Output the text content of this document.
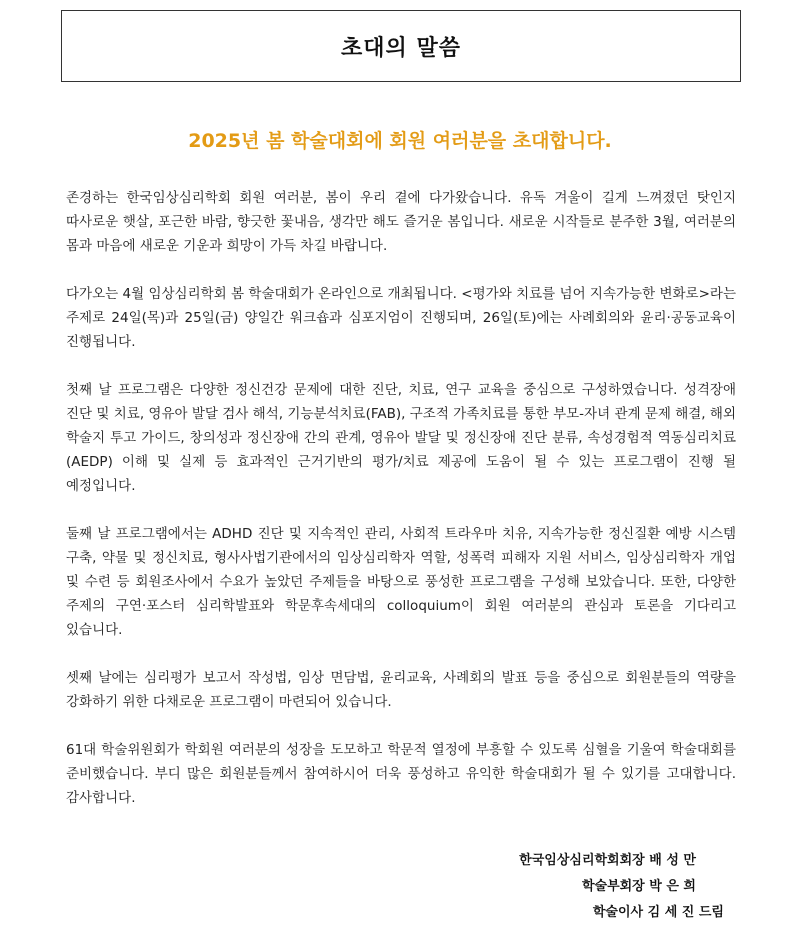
초대의 말씀
2025년 봄 학술대회에 회원 여러분을 초대합니다.

존경하는 한국임상심리학회 회원 여러분, 봄이 우리 곁에 다가왔습니다. 유독 겨울이 길게 느껴졌던 탓인지 따사로운 햇살, 포근한 바람, 향긋한 꽃내음, 생각만 해도 즐거운 봄입니다. 새로운 시작들로 분주한 3월, 여러분의 몸과 마음에 새로운 기운과 희망이 가득 차길 바랍니다.

다가오는 4월 임상심리학회 봄 학술대회가 온라인으로 개최됩니다. <평가와 치료를 넘어 지속가능한 변화로>라는 주제로 24일(목)과 25일(금) 양일간 워크숍과 심포지엄이 진행되며, 26일(토)에는 사례회의와 윤리·공동교육이 진행됩니다.

첫째 날 프로그램은 다양한 정신건강 문제에 대한 진단, 치료, 연구 교육을 중심으로 구성하였습니다. 성격장애 진단 및 치료, 영유아 발달 검사 해석, 기능분석치료(FAB), 구조적 가족치료를 통한 부모-자녀 관계 문제 해결, 해외 학술지 투고 가이드, 창의성과 정신장애 간의 관계, 영유아 발달 및 정신장애 진단 분류, 속성경험적 역동심리치료(AEDP) 이해 및 실제 등 효과적인 근거기반의 평가/치료 제공에 도움이 될 수 있는 프로그램이 진행 될 예정입니다.

둘째 날 프로그램에서는 ADHD 진단 및 지속적인 관리, 사회적 트라우마 치유, 지속가능한 정신질환 예방 시스템 구축, 약물 및 정신치료, 형사사법기관에서의 임상심리학자 역할, 성폭력 피해자 지원 서비스, 임상심리학자 개업 및 수련 등 회원조사에서 수요가 높았던 주제들을 바탕으로 풍성한 프로그램을 구성해 보았습니다. 또한, 다양한 주제의 구연·포스터 심리학발표와 학문후속세대의 colloquium이 회원 여러분의 관심과 토론을 기다리고 있습니다.

셋째 날에는 심리평가 보고서 작성법, 임상 면담법, 윤리교육, 사례회의 발표 등을 중심으로 회원분들의 역량을 강화하기 위한 다채로운 프로그램이 마련되어 있습니다.

61대 학술위원회가 학회원 여러분의 성장을 도모하고 학문적 열정에 부흥할 수 있도록 심혈을 기울여 학술대회를 준비했습니다. 부디 많은 회원분들께서 참여하시어 더욱 풍성하고 유익한 학술대회가 될 수 있기를 고대합니다. 감사합니다.

한국임상심리학회회장 배 성 만
학술부회장 박 은 희
학술이사 김 세 진 드림
